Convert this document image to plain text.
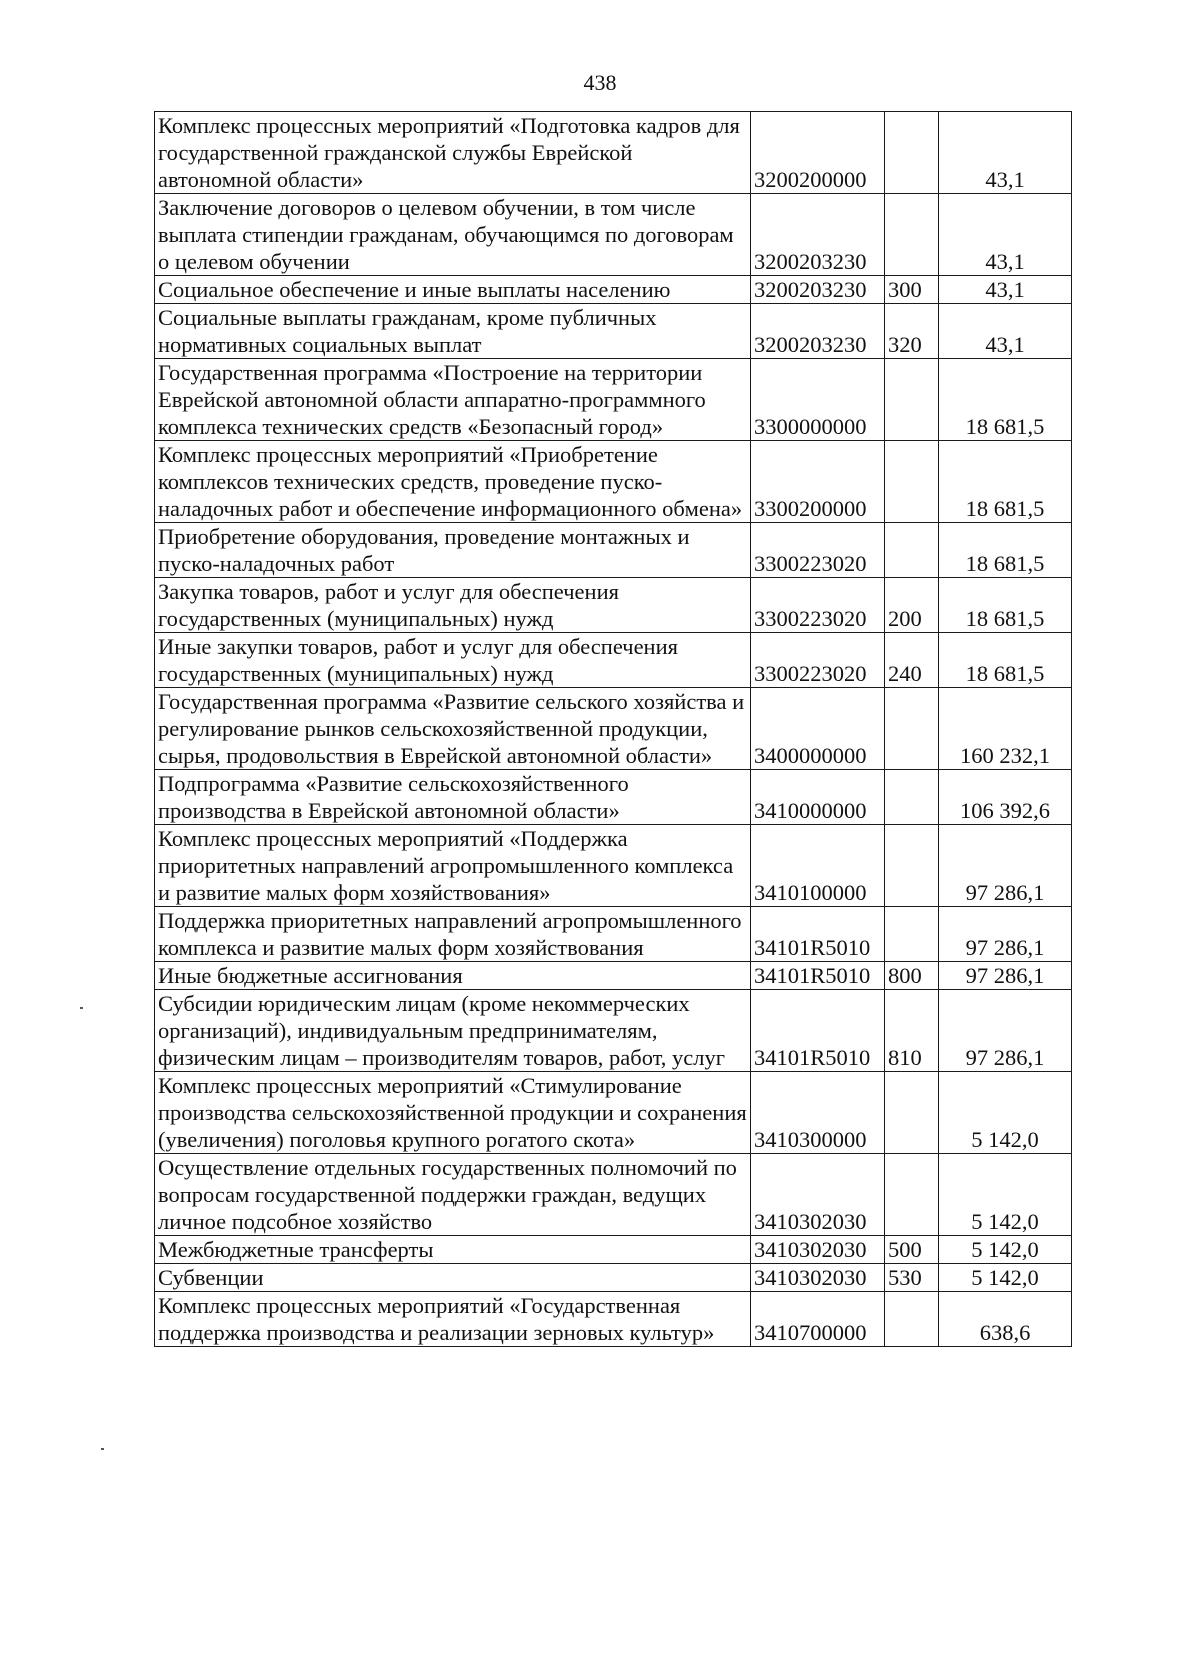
438
Комплекс процессных мероприятий «Подготовка кадров для государственной гражданской службы Еврейской автономной области»	3200200000		43,1
Заключение договоров о целевом обучении, в том числе выплата стипендии гражданам, обучающимся по договорам о целевом обучении	3200203230		43,1
Социальное обеспечение и иные выплаты населению	3200203230	300	43,1
Социальные выплаты гражданам, кроме публичных нормативных социальных выплат	3200203230	320	43,1
Государственная программа «Построение на территории Еврейской автономной области аппаратно-программного комплекса технических средств «Безопасный город»	3300000000		18 681,5
Комплекс процессных мероприятий «Приобретение комплексов технических средств, проведение пуско-наладочных работ и обеспечение информационного обмена»	3300200000		18 681,5
Приобретение оборудования, проведение монтажных и пуско-наладочных работ	3300223020		18 681,5
Закупка товаров, работ и услуг для обеспечения государственных (муниципальных) нужд	3300223020	200	18 681,5
Иные закупки товаров, работ и услуг для обеспечения государственных (муниципальных) нужд	3300223020	240	18 681,5
Государственная программа «Развитие сельского хозяйства и регулирование рынков сельскохозяйственной продукции, сырья, продовольствия в Еврейской автономной области»	3400000000		160 232,1
Подпрограмма «Развитие сельскохозяйственного производства в Еврейской автономной области»	3410000000		106 392,6
Комплекс процессных мероприятий «Поддержка приоритетных направлений агропромышленного комплекса и развитие малых форм хозяйствования»	3410100000		97 286,1
Поддержка приоритетных направлений агропромышленного комплекса и развитие малых форм хозяйствования	34101R5010		97 286,1
Иные бюджетные ассигнования	34101R5010	800	97 286,1
Субсидии юридическим лицам (кроме некоммерческих организаций), индивидуальным предпринимателям, физическим лицам – производителям товаров, работ, услуг	34101R5010	810	97 286,1
Комплекс процессных мероприятий «Стимулирование производства сельскохозяйственной продукции и сохранения (увеличения) поголовья крупного рогатого скота»	3410300000		5 142,0
Осуществление отдельных государственных полномочий по вопросам государственной поддержки граждан, ведущих личное подсобное хозяйство	3410302030		5 142,0
Межбюджетные трансферты	3410302030	500	5 142,0
Субвенции	3410302030	530	5 142,0
Комплекс процессных мероприятий «Государственная поддержка производства и реализации зерновых культур»	3410700000		638,6
